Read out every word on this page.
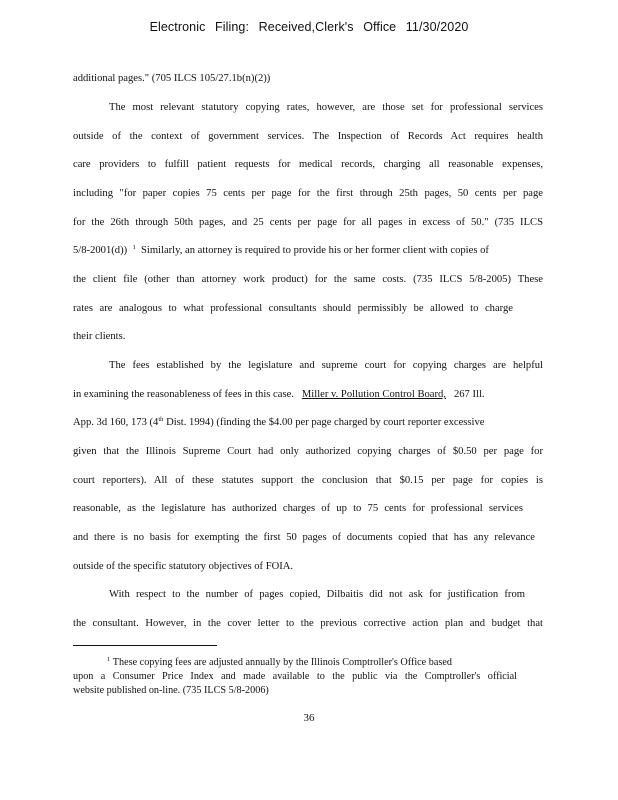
Electronic Filing: Received,Clerk's Office 11/30/2020
additional pages." (705 ILCS 105/27.1b(n)(2))
The most relevant statutory copying rates, however, are those set for professional services
outside of the context of government services. The Inspection of Records Act requires health
care providers to fulfill patient requests for medical records, charging all reasonable expenses,
including "for paper copies 75 cents per page for the first through 25th pages, 50 cents per page
for the 26th through 50th pages, and 25 cents per page for all pages in excess of 50." (735 ILCS
5/8-2001(d)) $^1$ Similarly, an attorney is required to provide his or her former client with copies of
the client file (other than attorney work product) for the same costs. (735 ILCS 5/8-2005) These
rates are analogous to what professional consultants should permissibly be allowed to charge
their clients.
The fees established by the legislature and supreme court for copying charges are helpful
in examining the reasonableness of fees in this case. Miller v. Pollution Control Board, 267 Ill.
App. 3d 160, 173 (4th Dist. 1994) (finding the $4.00 per page charged by court reporter excessive
given that the Illinois Supreme Court had only authorized copying charges of $0.50 per page for
court reporters). All of these statutes support the conclusion that $0.15 per page for copies is
reasonable, as the legislature has authorized charges of up to 75 cents for professional services
and there is no basis for exempting the first 50 pages of documents copied that has any relevance
outside of the specific statutory objectives of FOIA.
With respect to the number of pages copied, Dilbaitis did not ask for justification from
the consultant. However, in the cover letter to the previous corrective action plan and budget that
$^1$ These copying fees are adjusted annually by the Illinois Comptroller's Office based
upon a Consumer Price Index and made available to the public via the Comptroller's official
website published on-line. (735 ILCS 5/8-2006)
36
